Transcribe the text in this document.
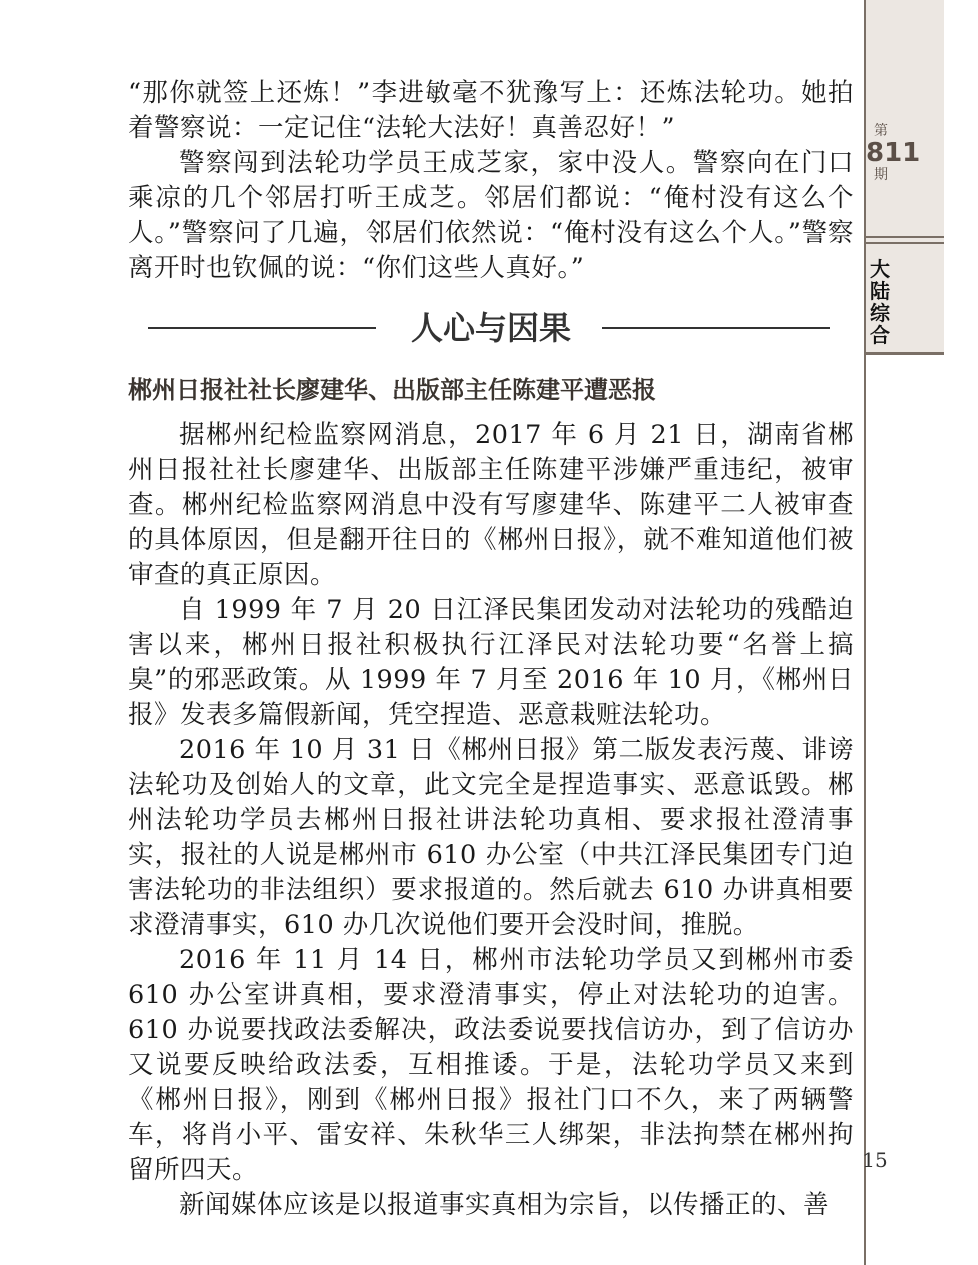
第
811
期
大
陆
综
合

“那你就签上还炼！”李进敏毫不犹豫写上：还炼法轮功。她拍着警察说：一定记住“法轮大法好！真善忍好！”

警察闯到法轮功学员王成芝家，家中没人。警察向在门口乘凉的几个邻居打听王成芝。邻居们都说：“俺村没有这么个人。”警察问了几遍，邻居们依然说：“俺村没有这么个人。”警察离开时也钦佩的说：“你们这些人真好。”

人心与因果
郴州日报社社长廖建华、出版部主任陈建平遭恶报

据郴州纪检监察网消息，2017 年 6 月 21 日，湖南省郴州日报社社长廖建华、出版部主任陈建平涉嫌严重违纪，被审查。郴州纪检监察网消息中没有写廖建华、陈建平二人被审查的具体原因，但是翻开往日的《郴州日报》，就不难知道他们被审查的真正原因。

自 1999 年 7 月 20 日江泽民集团发动对法轮功的残酷迫害以来，郴州日报社积极执行江泽民对法轮功要“名誉上搞臭”的邪恶政策。从 1999 年 7 月至 2016 年 10 月，《郴州日报》发表多篇假新闻，凭空捏造、恶意栽赃法轮功。

2016 年 10 月 31 日《郴州日报》第二版发表污蔑、诽谤法轮功及创始人的文章，此文完全是捏造事实、恶意诋毁。郴州法轮功学员去郴州日报社讲法轮功真相、要求报社澄清事实，报社的人说是郴州市 610 办公室（中共江泽民集团专门迫害法轮功的非法组织）要求报道的。然后就去 610 办讲真相要求澄清事实，610 办几次说他们要开会没时间，推脱。

2016 年 11 月 14 日，郴州市法轮功学员又到郴州市委 610 办公室讲真相，要求澄清事实，停止对法轮功的迫害。610 办说要找政法委解决，政法委说要找信访办，到了信访办又说要反映给政法委，互相推诿。于是，法轮功学员又来到《郴州日报》，刚到《郴州日报》报社门口不久，来了两辆警车，将肖小平、雷安祥、朱秋华三人绑架，非法拘禁在郴州拘留所四天。

新闻媒体应该是以报道事实真相为宗旨，以传播正的、善

15
